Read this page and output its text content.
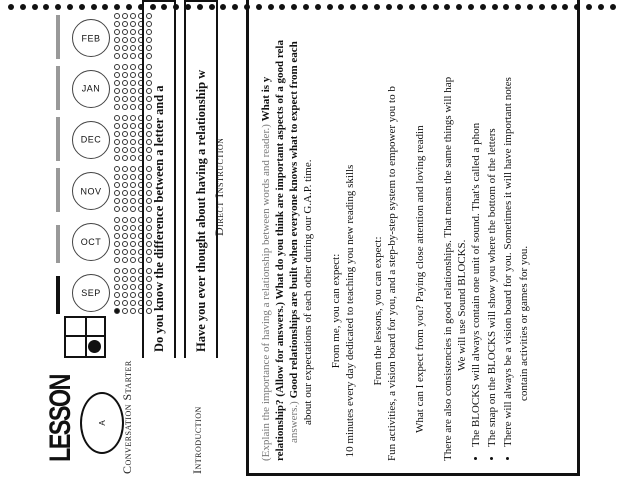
LESSON	A
SEP
OCT
NOV
DEC
JAN
FEB
Conversation Starter	Introduction
Direct Instruction
Do you know the difference between a letter and a Have you ever thought about having a relationship w	(Explain the importance of having a relationship between words and reader.) What is y relationship? (Allow for answers.) What do you think are important aspects of a good rela answers.) Good relationships are built when everyone knows what to expect from each about our expectations of each other during our G.A.P. time. From me, you can expect: 10 minutes every day dedicated to teaching you new reading skills From the lessons, you can expect: Fun activities, a vision board for you, and a step-by-step system to empower you to b What can I expect from you? Paying close attention and loving readin There are also consistencies in good relationships. That means the same things will hap We will use Sound BLOCKS. • The BLOCKS will always contain one unit of sound. That's called a phon • The snap on the BLOCKS will show you where the bottom of the letters • There will always be a vision board for you. Sometimes it will have important notes contain activities or games for you.
